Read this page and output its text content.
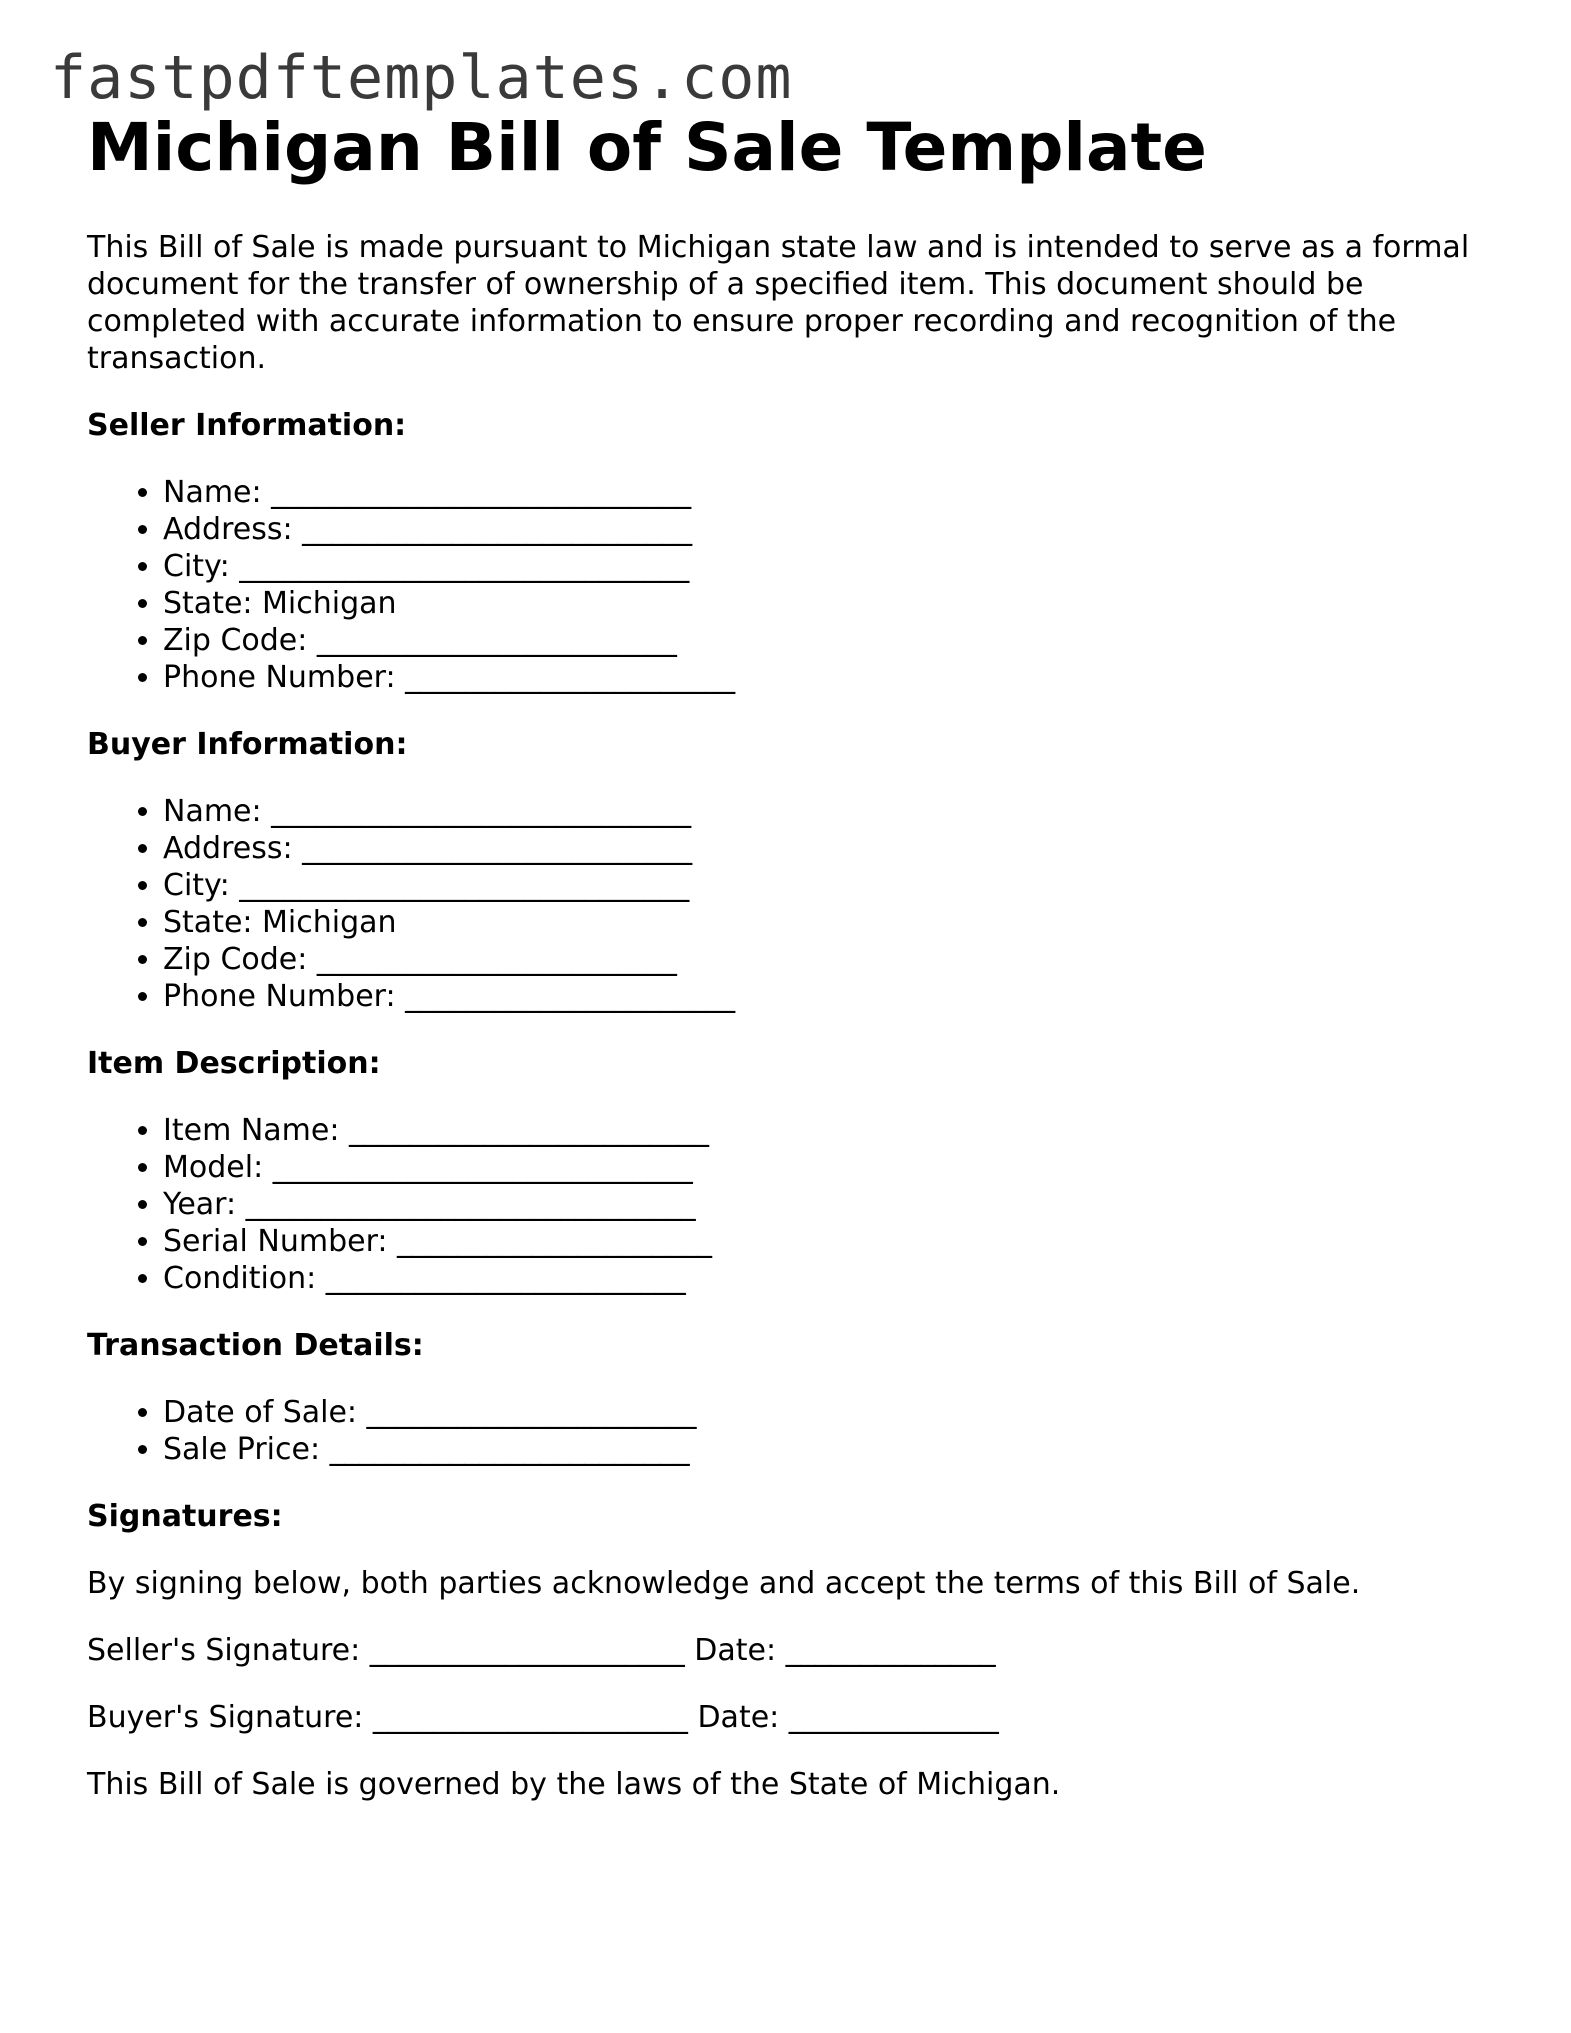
fastpdftemplates.com
Michigan Bill of Sale Template

This Bill of Sale is made pursuant to Michigan state law and is intended to serve as a formal document for the transfer of ownership of a specified item. This document should be completed with accurate information to ensure proper recording and recognition of the transaction.

Seller Information:
• Name: ____________________________
• Address: __________________________
• City: ______________________________
• State: Michigan
• Zip Code: ________________________
• Phone Number: ______________________
Buyer Information:
• Name: ____________________________
• Address: __________________________
• City: ______________________________
• State: Michigan
• Zip Code: ________________________
• Phone Number: ______________________
Item Description:
• Item Name: ________________________
• Model: ____________________________
• Year: ______________________________
• Serial Number: _____________________
• Condition: ________________________
Transaction Details:
• Date of Sale: ______________________
• Sale Price: ________________________
Signatures:

By signing below, both parties acknowledge and accept the terms of this Bill of Sale.

Seller's Signature: _____________________ Date: ______________

Buyer's Signature: _____________________ Date: ______________

This Bill of Sale is governed by the laws of the State of Michigan.
